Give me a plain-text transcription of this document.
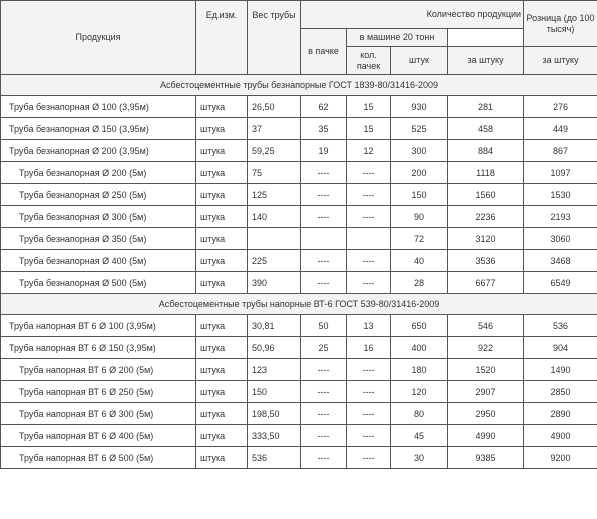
Продукция	Ед.изм.	Вес трубы	Количество продукции				Розница (до 100 тысяч)	
			в пачке	в машине 20 тонн				
				кол. пачек	штук	за штуку	за штуку	
Асбестоцементные трубы безнапорные ГОСТ 1839-80/31416-2009								
Труба безнапорная Ø 100 (3,95м)	штука	26,50	62	15	930	281	276	
Труба безнапорная Ø 150 (3,95м)	штука	37	35	15	525	458	449	
Труба безнапорная Ø 200 (3,95м)	штука	59,25	19	12	300	884	867	
Труба безнапорная Ø 200 (5м)	штука	75	----	----	200	1118	1097	
Труба безнапорная Ø 250 (5м)	штука	125	----	----	150	1560	1530	
Труба безнапорная Ø 300 (5м)	штука	140	----	----	90	2236	2193	
Труба безнапорная Ø 350 (5м)	штука				72	3120	3060	
Труба безнапорная Ø 400 (5м)	штука	225	----	----	40	3536	3468	
Труба безнапорная Ø 500 (5м)	штука	390	----	----	28	6677	6549	
Асбестоцементные трубы напорные ВТ-6 ГОСТ 539-80/31416-2009								
Труба напорная ВТ 6 Ø 100 (3,95м)	штука	30,81	50	13	650	546	536	
Труба напорная ВТ 6 Ø 150 (3,95м)	штука	50,96	25	16	400	922	904	
Труба напорная ВТ 6 Ø 200 (5м)	штука	123	----	----	180	1520	1490	
Труба напорная ВТ 6 Ø 250 (5м)	штука	150	----	----	120	2907	2850	
Труба напорная ВТ 6 Ø 300 (5м)	штука	198,50	----	----	80	2950	2890	
Труба напорная ВТ 6 Ø 400 (5м)	штука	333,50	----	----	45	4990	4900	
Труба напорная ВТ 6 Ø 500 (5м)	штука	536	----	----	30	9385	9200	
